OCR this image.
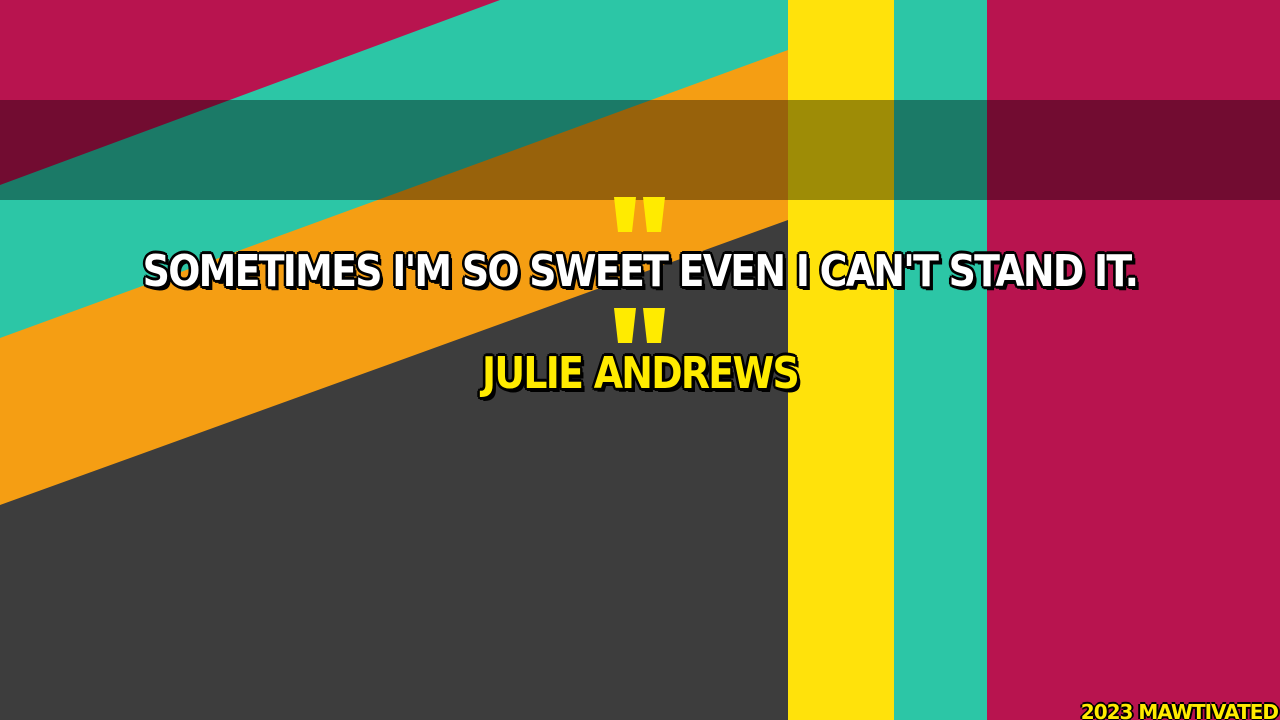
SOMETIMES I'M SO SWEET EVEN I CAN'T STAND IT.
JULIE ANDREWS
2023 MAWTIVATED
